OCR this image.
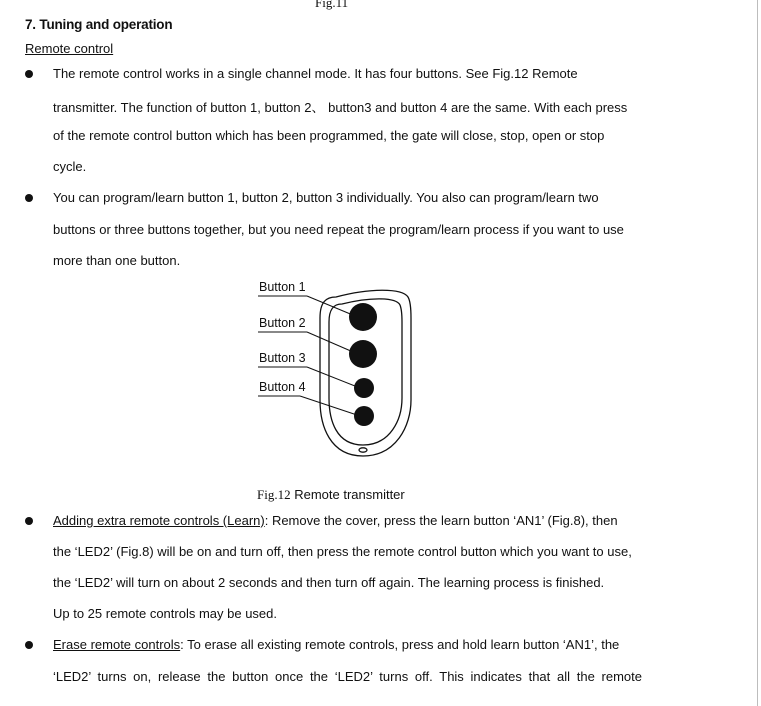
Fig.11
7. Tuning and operation
Remote control
The remote control works in a single channel mode. It has four buttons. See Fig.12 Remote
transmitter. The function of button 1, button 2、 button3 and button 4 are the same. With each press
of the remote control button which has been programmed, the gate will close, stop, open or stop
cycle.
You can program/learn button 1, button 2, button 3 individually. You also can program/learn two
buttons or three buttons together, but you need repeat the program/learn process if you want to use
more than one button.
Button 1
Button 2
Button 3
Button 4
Fig.12 Remote transmitter
Adding extra remote controls (Learn): Remove the cover, press the learn button ‘AN1’ (Fig.8), then
the ‘LED2’ (Fig.8) will be on and turn off, then press the remote control button which you want to use,
the ‘LED2’ will turn on about 2 seconds and then turn off again. The learning process is finished.
Up to 25 remote controls may be used.
Erase remote controls: To erase all existing remote controls, press and hold learn button ‘AN1’, the
‘LED2’ turns on, release the button once the ‘LED2’ turns off. This indicates that all the remote
